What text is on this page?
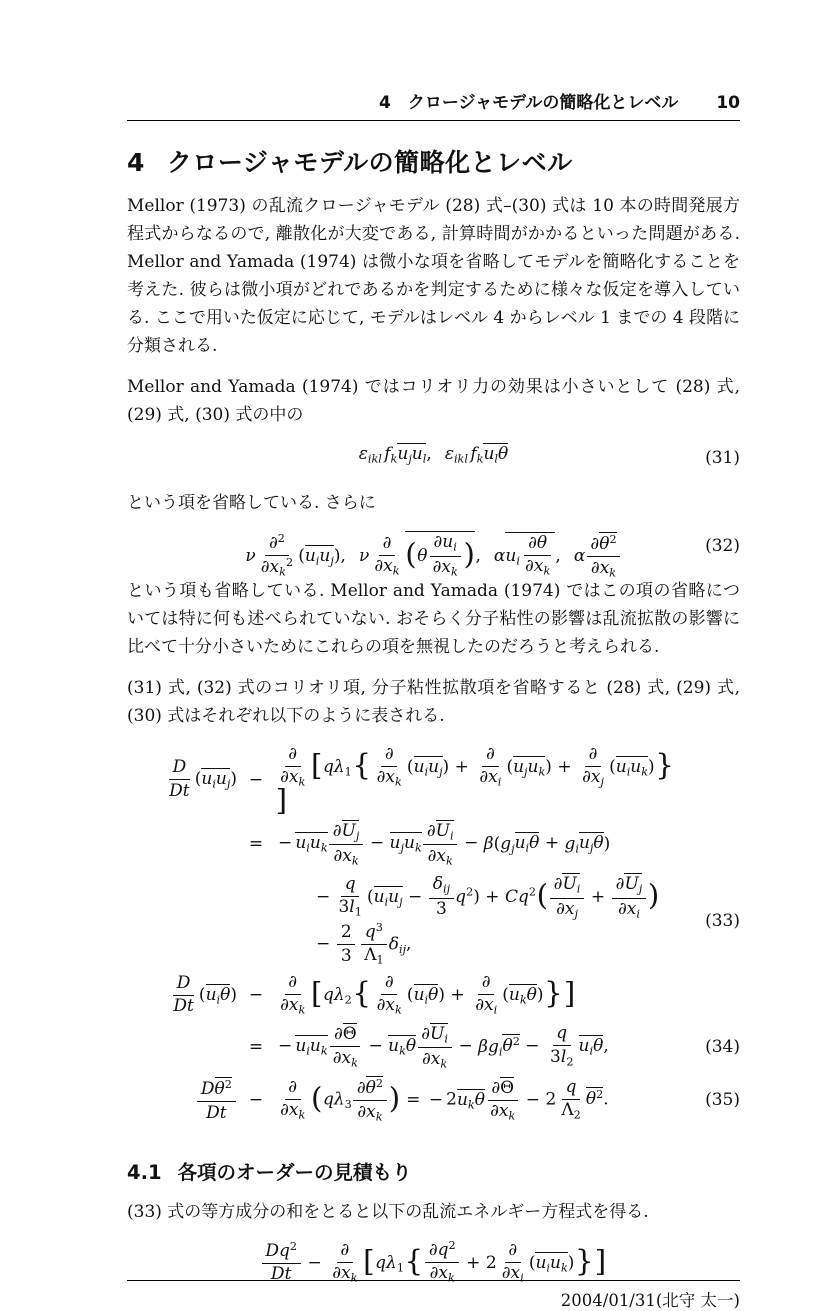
4　クロージャモデルの簡略化とレベル 10
4 クロージャモデルの簡略化とレベル

Mellor (1973) の乱流クロージャモデル (28) 式–(30) 式は 10 本の時間発展方程式からなるので, 離散化が大変である, 計算時間がかかるといった問題がある. Mellor and Yamada (1974) は微小な項を省略してモデルを簡略化することを考えた. 彼らは微小項がどれであるかを判定するために様々な仮定を導入している. ここで用いた仮定に応じて, モデルはレベル 4 からレベル 1 までの 4 段階に分類される.

Mellor and Yamada (1974) ではコリオリ力の効果は小さいとして (28) 式, (29) 式, (30) 式の中の

$\varepsilon_{ikl}$ $f_ku_ju_l$, $\varepsilon_{ikl}$ $f_ku_l\theta$	(31)

という項を省略している. さらに

ν $\frac{\partial^2}{\partial x_k^2} (u_iu_j)$, ν
∂
$\partial x_k$
($\theta \frac{\partial u_i}{\partial x_k}$ ), $\alpha u_i \frac{\partial\theta}{\partial x_k}$ , α $\frac{\partial\theta^2}{\partial x_k}$	(32)

という項も省略している. Mellor and Yamada (1974) ではこの項の省略については特に何も述べられていない. おそらく分子粘性の影響は乱流拡散の影響に比べて十分小さいためにこれらの項を無視したのだろうと考えられる.

(31) 式, (32) 式のコリオリ項, 分子粘性拡散項を省略すると (28) 式, (29) 式, (30) 式はそれぞれ以下のように表される.

$\frac{D}{Dt} (u_iu_j)$ −
∂
$\partial x_k$
[$q\lambda_1${ ∂
$\partial x_k$
$(u_iu_j)$ +
∂
$\partial x_i$
$(u_ju_k)$ +
∂
$\partial x_j$
$(u_iu_k)$}]
= − $u_iu_k \frac{\partial U_j}{\partial x_k} - u_ju_k \frac{\partial U_i}{\partial x_k} - \beta(g_ju_i\theta + g_iu_j\theta)$
− $\frac{q}{3l_1} (u_iu_j$ −
$\delta_{ij}$
3
$q^2) + Cq^2( \frac{\partial U_i}{\partial x_j} + \frac{\partial U_j}{\partial x_i}$ )− $\frac{2}{3} \frac{q^3}{\Lambda_1} \delta_{ij}$,
(33)
$\frac{D}{Dt} (u_i\theta)$ −
∂
$\partial x_k$
[$q\lambda_2${ ∂
$\partial x_k$
$(u_i\theta)$ +
∂
$\partial x_i$
$(u_k\theta)$}]
= − $u_iu_k \frac{\partial\Theta}{\partial x_k} - u_k\theta \frac{\partial U_i}{\partial x_k} - \beta g_i\theta^2 - \frac{q}{3l_2} u_i\theta$,	(34)
$\frac{D\theta^2}{Dt}$ −
∂
$\partial x_k$
($q\lambda_3 \frac{\partial\theta^2}{\partial x_k}$ ) = − $2u_k\theta \frac{\partial\Theta}{\partial x_k} - 2 \frac{q}{\Lambda_2} \theta^2$.	(35)
4.1 各項のオーダーの見積もり

(33) 式の等方成分の和をとると以下の乱流エネルギー方程式を得る.

$\frac{Dq^2}{Dt}$ −
∂
$\partial x_k$
[$q\lambda_1\{ \frac{\partial q^2}{\partial x_k} + 2$
∂
$\partial x_i$
$(u_iu_k)$}]
2004/01/31(北守 太一)
